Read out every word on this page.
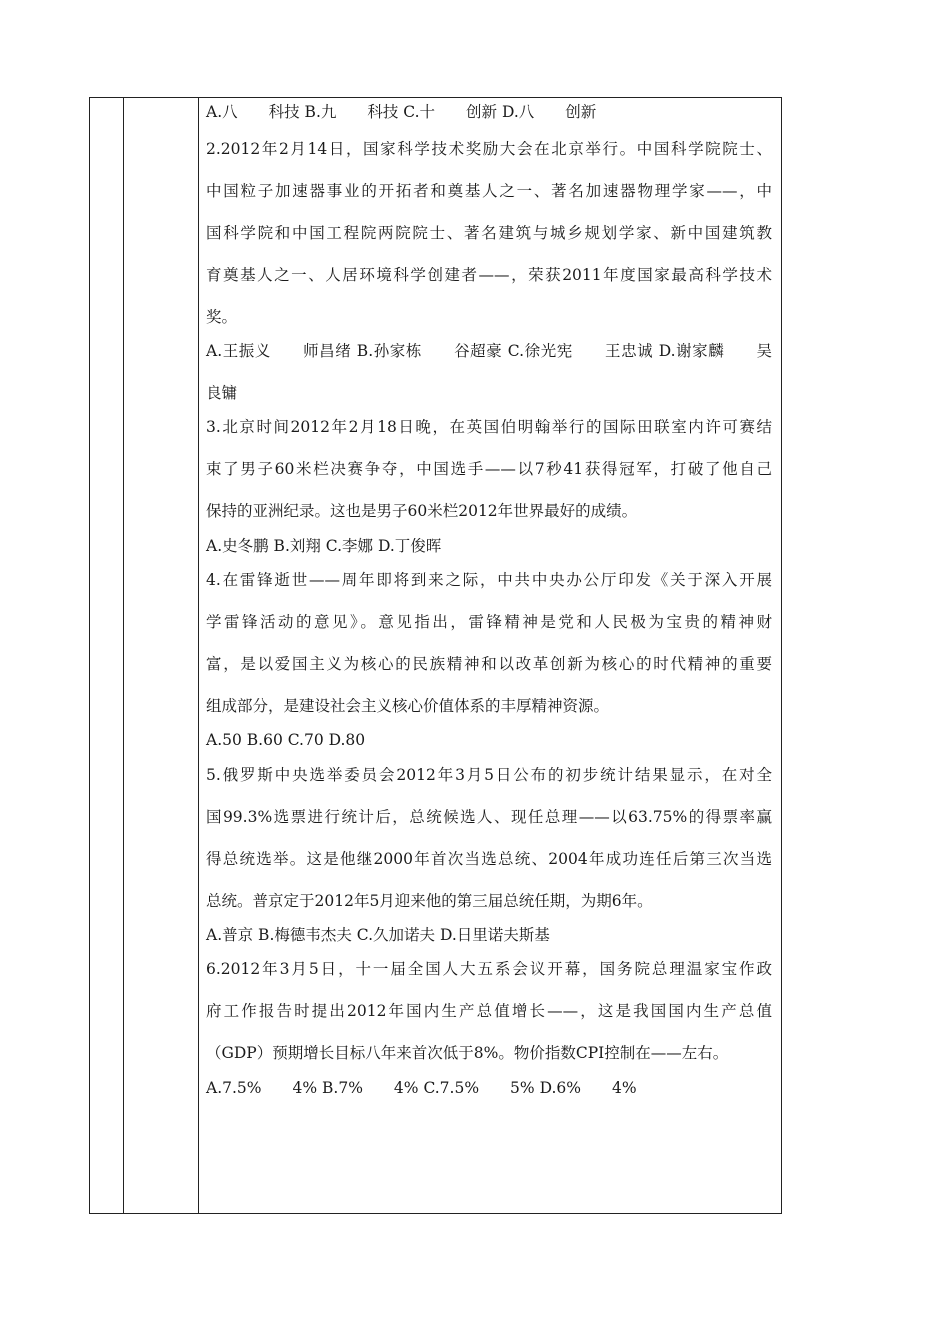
A.八　　科技 B.九　　科技 C.十　　创新 D.八　　创新
2.2012年2月14日，国家科学技术奖励大会在北京举行。中国科学院院士、
中国粒子加速器事业的开拓者和奠基人之一、著名加速器物理学家——，中
国科学院和中国工程院两院院士、著名建筑与城乡规划学家、新中国建筑教
育奠基人之一、人居环境科学创建者——，荣获2011年度国家最高科学技术
奖。
A.王振义　　师昌绪 B.孙家栋　　谷超豪 C.徐光宪　　王忠诚 D.谢家麟　　吴
良镛
3.北京时间2012年2月18日晚，在英国伯明翰举行的国际田联室内许可赛结
束了男子60米栏决赛争夺，中国选手——以7秒41获得冠军，打破了他自己
保持的亚洲纪录。这也是男子60米栏2012年世界最好的成绩。
A.史冬鹏 B.刘翔 C.李娜 D.丁俊晖
4.在雷锋逝世——周年即将到来之际，中共中央办公厅印发《关于深入开展
学雷锋活动的意见》。意见指出，雷锋精神是党和人民极为宝贵的精神财
富，是以爱国主义为核心的民族精神和以改革创新为核心的时代精神的重要
组成部分，是建设社会主义核心价值体系的丰厚精神资源。
A.50 B.60 C.70 D.80
5.俄罗斯中央选举委员会2012年3月5日公布的初步统计结果显示，在对全
国99.3%选票进行统计后，总统候选人、现任总理——以63.75%的得票率赢
得总统选举。这是他继2000年首次当选总统、2004年成功连任后第三次当选
总统。普京定于2012年5月迎来他的第三届总统任期，为期6年。
A.普京 B.梅德韦杰夫 C.久加诺夫 D.日里诺夫斯基
6.2012年3月5日，十一届全国人大五系会议开幕，国务院总理温家宝作政
府工作报告时提出2012年国内生产总值增长——，这是我国国内生产总值
（GDP）预期增长目标八年来首次低于8%。物价指数CPI控制在——左右。
A.7.5%　　4% B.7%　　4% C.7.5%　　5% D.6%　　4%
